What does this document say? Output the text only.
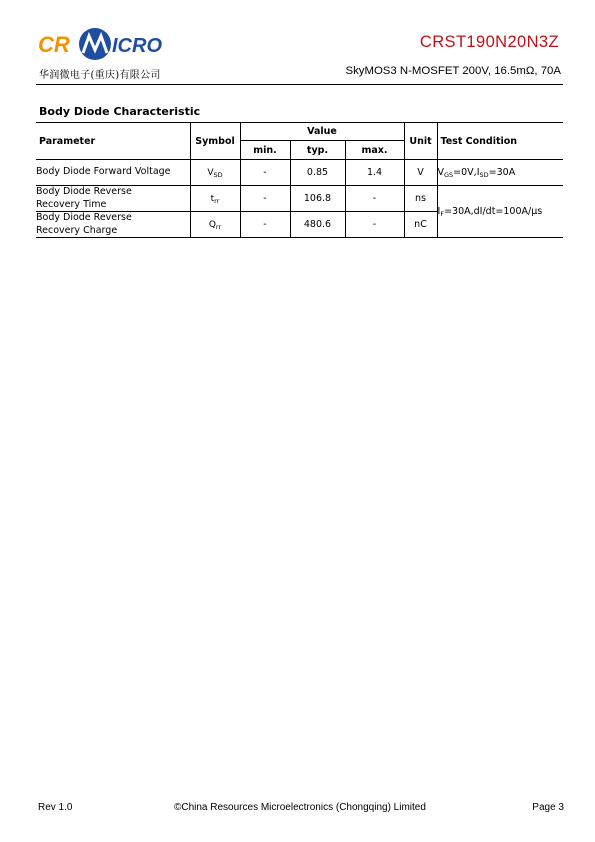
CR ICRO
华润微电子(重庆)有限公司
CRST190N20N3Z
SkyMOS3 N-MOSFET 200V, 16.5mΩ, 70A
Body Diode Characteristic
Parameter	Symbol	Value			Unit	Test Condition
		min.	typ.	max.		
Body Diode Forward Voltage	$V_{SD}$	-	0.85	1.4	V	$V_{GS}=0V,I_{SD}=30A$
Body Diode Reverse
Recovery Time	$t_{rr}$	-	106.8	-	ns	$I_F=30A,dI/dt=100A/\mu s$
Body Diode Reverse
Recovery Charge	$Q_{rr}$	-	480.6	-	nC	
Rev 1.0	©China Resources Microelectronics (Chongqing) Limited	Page 3
